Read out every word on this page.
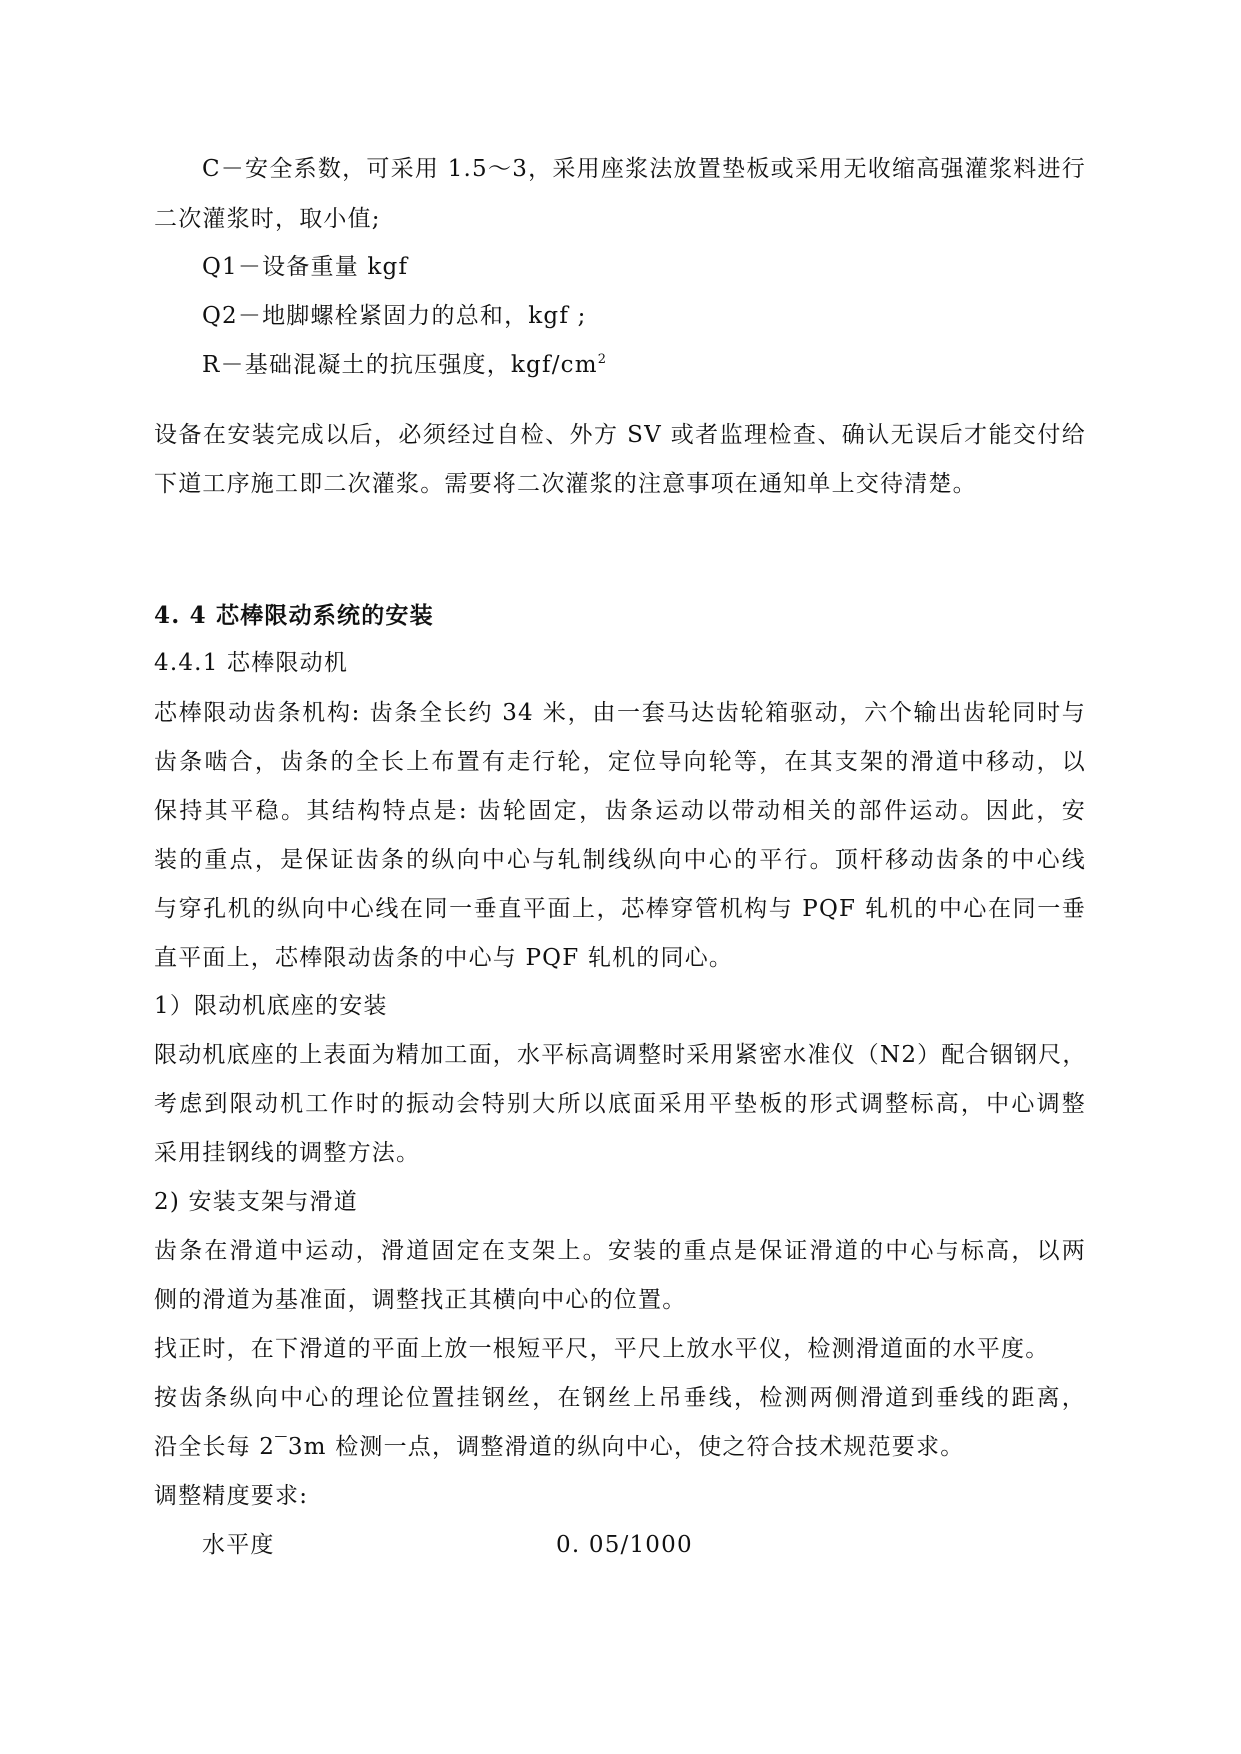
C－安全系数，可采用 1.5～3，采用座浆法放置垫板或采用无收缩高强灌浆料进行
二次灌浆时，取小值;
Q1－设备重量 kgf
Q2－地脚螺栓紧固力的总和，kgf ;
R－基础混凝土的抗压强度，kgf/$cm^2$
设备在安装完成以后，必须经过自检、外方 SV 或者监理检查、确认无误后才能交付给
下道工序施工即二次灌浆。需要将二次灌浆的注意事项在通知单上交待清楚。
4. 4 芯棒限动系统的安装
4.4.1 芯棒限动机
芯棒限动齿条机构: 齿条全长约 34 米，由一套马达齿轮箱驱动，六个输出齿轮同时与
齿条啮合，齿条的全长上布置有走行轮，定位导向轮等，在其支架的滑道中移动，以
保持其平稳。其结构特点是: 齿轮固定，齿条运动以带动相关的部件运动。因此，安
装的重点，是保证齿条的纵向中心与轧制线纵向中心的平行。顶杆移动齿条的中心线
与穿孔机的纵向中心线在同一垂直平面上，芯棒穿管机构与 PQF 轧机的中心在同一垂
直平面上，芯棒限动齿条的中心与 PQF 轧机的同心。
1）限动机底座的安装
限动机底座的上表面为精加工面，水平标高调整时采用紧密水准仪（N2）配合铟钢尺，
考虑到限动机工作时的振动会特别大所以底面采用平垫板的形式调整标高，中心调整
采用挂钢线的调整方法。
2) 安装支架与滑道
齿条在滑道中运动，滑道固定在支架上。安装的重点是保证滑道的中心与标高，以两
侧的滑道为基准面，调整找正其横向中心的位置。
找正时，在下滑道的平面上放一根短平尺，平尺上放水平仪，检测滑道面的水平度。
按齿条纵向中心的理论位置挂钢丝，在钢丝上吊垂线，检测两侧滑道到垂线的距离，
沿全长每 2‾3m 检测一点，调整滑道的纵向中心，使之符合技术规范要求。
调整精度要求:
水平度	0. 05/1000
